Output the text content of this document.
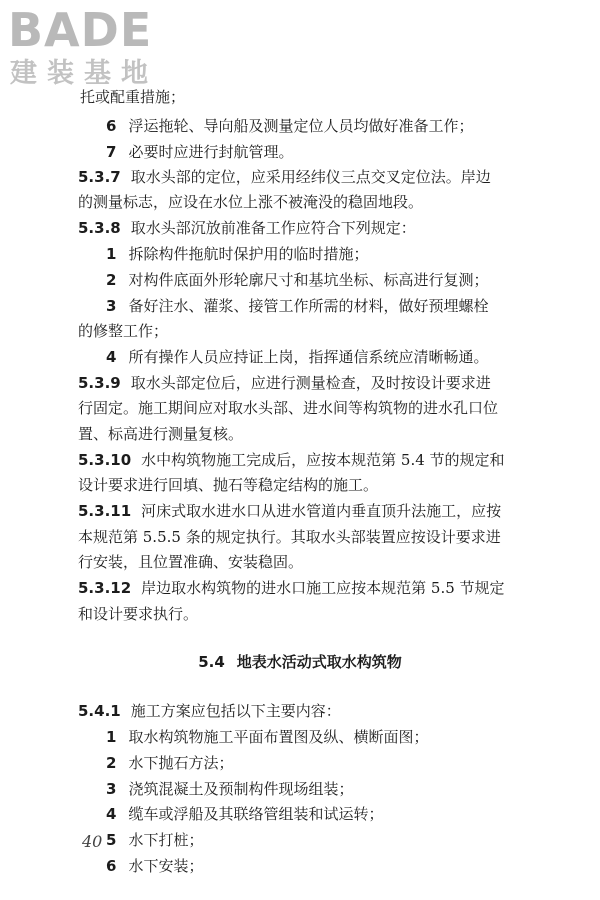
BADE
建装基地
托或配重措施；
6 浮运拖轮、导向船及测量定位人员均做好准备工作；
7 必要时应进行封航管理。
5.3.7 取水头部的定位，应采用经纬仪三点交叉定位法。岸边
的测量标志，应设在水位上涨不被淹没的稳固地段。
5.3.8 取水头部沉放前准备工作应符合下列规定：
1 拆除构件拖航时保护用的临时措施；
2 对构件底面外形轮廓尺寸和基坑坐标、标高进行复测；
3 备好注水、灌浆、接管工作所需的材料，做好预埋螺栓
的修整工作；
4 所有操作人员应持证上岗，指挥通信系统应清晰畅通。
5.3.9 取水头部定位后，应进行测量检查，及时按设计要求进
行固定。施工期间应对取水头部、进水间等构筑物的进水孔口位
置、标高进行测量复核。
5.3.10 水中构筑物施工完成后，应按本规范第 5.4 节的规定和
设计要求进行回填、抛石等稳定结构的施工。
5.3.11 河床式取水进水口从进水管道内垂直顶升法施工，应按
本规范第 5.5.5 条的规定执行。其取水头部装置应按设计要求进
行安装，且位置准确、安装稳固。
5.3.12 岸边取水构筑物的进水口施工应按本规范第 5.5 节规定
和设计要求执行。
5.4 地表水活动式取水构筑物
5.4.1 施工方案应包括以下主要内容：
1 取水构筑物施工平面布置图及纵、横断面图；
2 水下抛石方法；
3 浇筑混凝土及预制构件现场组装；
4 缆车或浮船及其联络管组装和试运转；
5 水下打桩；
6 水下安装；
40
